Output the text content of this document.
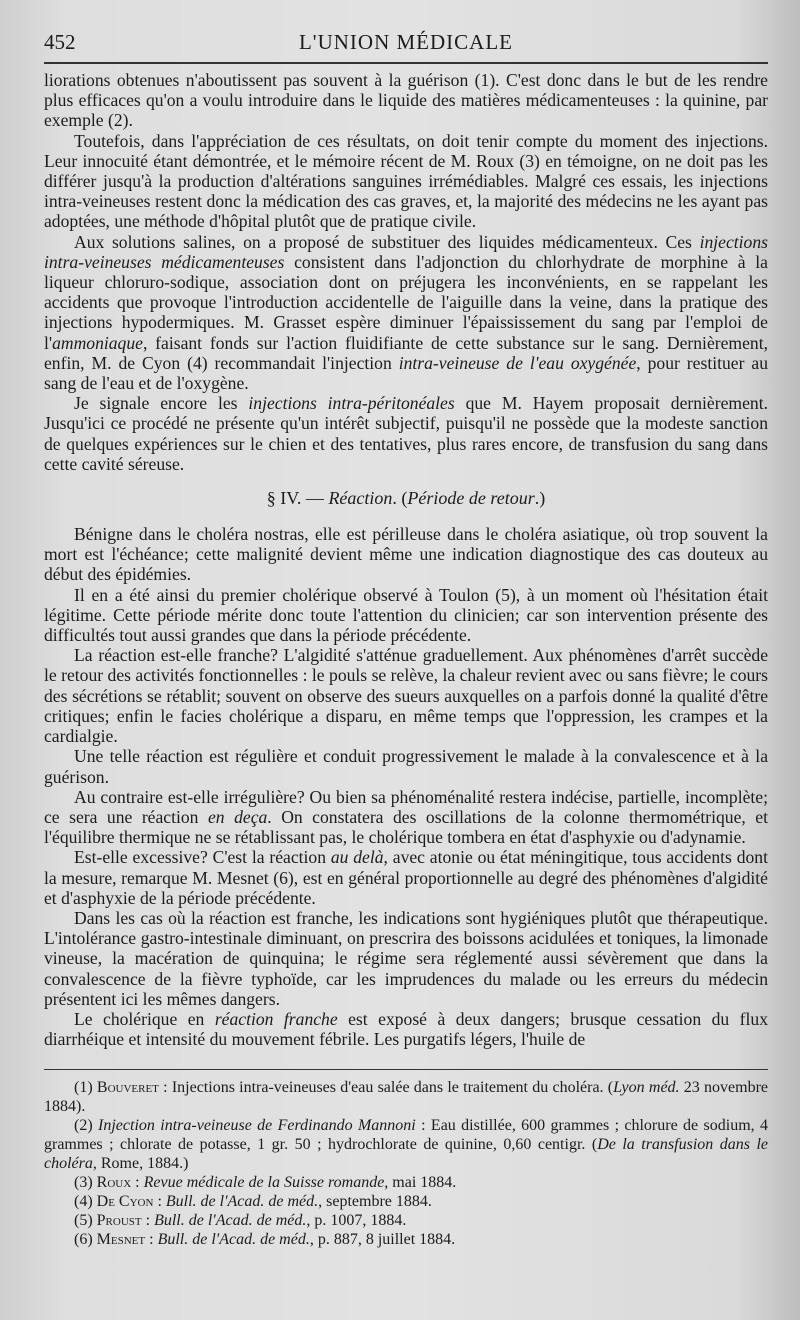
452	L'UNION MÉDICALE

liorations obtenues n'aboutissent pas souvent à la guérison (1). C'est donc dans le but de les rendre plus efficaces qu'on a voulu introduire dans le liquide des matières médicamenteuses : la quinine, par exemple (2).

Toutefois, dans l'appréciation de ces résultats, on doit tenir compte du moment des injections. Leur innocuité étant démontrée, et le mémoire récent de M. Roux (3) en témoigne, on ne doit pas les différer jusqu'à la production d'altérations sanguines irrémédiables. Malgré ces essais, les injections intra-veineuses restent donc la médication des cas graves, et, la majorité des médecins ne les ayant pas adoptées, une méthode d'hôpital plutôt que de pratique civile.

Aux solutions salines, on a proposé de substituer des liquides médicamenteux. Ces injections intra-veineuses médicamenteuses consistent dans l'adjonction du chlorhydrate de morphine à la liqueur chloruro-sodique, association dont on préjugera les inconvénients, en se rappelant les accidents que provoque l'introduction accidentelle de l'aiguille dans la veine, dans la pratique des injections hypodermiques. M. Grasset espère diminuer l'épaississement du sang par l'emploi de l'ammoniaque, faisant fonds sur l'action fluidifiante de cette substance sur le sang. Dernièrement, enfin, M. de Cyon (4) recommandait l'injection intra-veineuse de l'eau oxygénée, pour restituer au sang de l'eau et de l'oxygène.

Je signale encore les injections intra-péritonéales que M. Hayem proposait dernièrement. Jusqu'ici ce procédé ne présente qu'un intérêt subjectif, puisqu'il ne possède que la modeste sanction de quelques expériences sur le chien et des tentatives, plus rares encore, de transfusion du sang dans cette cavité séreuse.

§ IV. — Réaction. (Période de retour.)

Bénigne dans le choléra nostras, elle est périlleuse dans le choléra asiatique, où trop souvent la mort est l'échéance; cette malignité devient même une indication diagnostique des cas douteux au début des épidémies.

Il en a été ainsi du premier cholérique observé à Toulon (5), à un moment où l'hésitation était légitime. Cette période mérite donc toute l'attention du clinicien; car son intervention présente des difficultés tout aussi grandes que dans la période précédente.

La réaction est-elle franche? L'algidité s'atténue graduellement. Aux phénomènes d'arrêt succède le retour des activités fonctionnelles : le pouls se relève, la chaleur revient avec ou sans fièvre; le cours des sécrétions se rétablit; souvent on observe des sueurs auxquelles on a parfois donné la qualité d'être critiques; enfin le facies cholérique a disparu, en même temps que l'oppression, les crampes et la cardialgie.

Une telle réaction est régulière et conduit progressivement le malade à la convalescence et à la guérison.

Au contraire est-elle irrégulière? Ou bien sa phénoménalité restera indécise, partielle, incomplète; ce sera une réaction en deça. On constatera des oscillations de la colonne thermométrique, et l'équilibre thermique ne se rétablissant pas, le cholérique tombera en état d'asphyxie ou d'adynamie.

Est-elle excessive? C'est la réaction au delà, avec atonie ou état méningitique, tous accidents dont la mesure, remarque M. Mesnet (6), est en général proportionnelle au degré des phénomènes d'algidité et d'asphyxie de la période précédente.

Dans les cas où la réaction est franche, les indications sont hygiéniques plutôt que thérapeutique. L'intolérance gastro-intestinale diminuant, on prescrira des boissons acidulées et toniques, la limonade vineuse, la macération de quinquina; le régime sera réglementé aussi sévèrement que dans la convalescence de la fièvre typhoïde, car les imprudences du malade ou les erreurs du médecin présentent ici les mêmes dangers.

Le cholérique en réaction franche est exposé à deux dangers; brusque cessation du flux diarrhéique et intensité du mouvement fébrile. Les purgatifs légers, l'huile de

(1) Bouveret : Injections intra-veineuses d'eau salée dans le traitement du choléra. (Lyon méd. 23 novembre 1884).

(2) Injection intra-veineuse de Ferdinando Mannoni : Eau distillée, 600 grammes ; chlorure de sodium, 4 grammes ; chlorate de potasse, 1 gr. 50 ; hydrochlorate de quinine, 0,60 centigr. (De la transfusion dans le choléra, Rome, 1884.)

(3) Roux : Revue médicale de la Suisse romande, mai 1884.

(4) De Cyon : Bull. de l'Acad. de méd., septembre 1884.

(5) Proust : Bull. de l'Acad. de méd., p. 1007, 1884.

(6) Mesnet : Bull. de l'Acad. de méd., p. 887, 8 juillet 1884.
